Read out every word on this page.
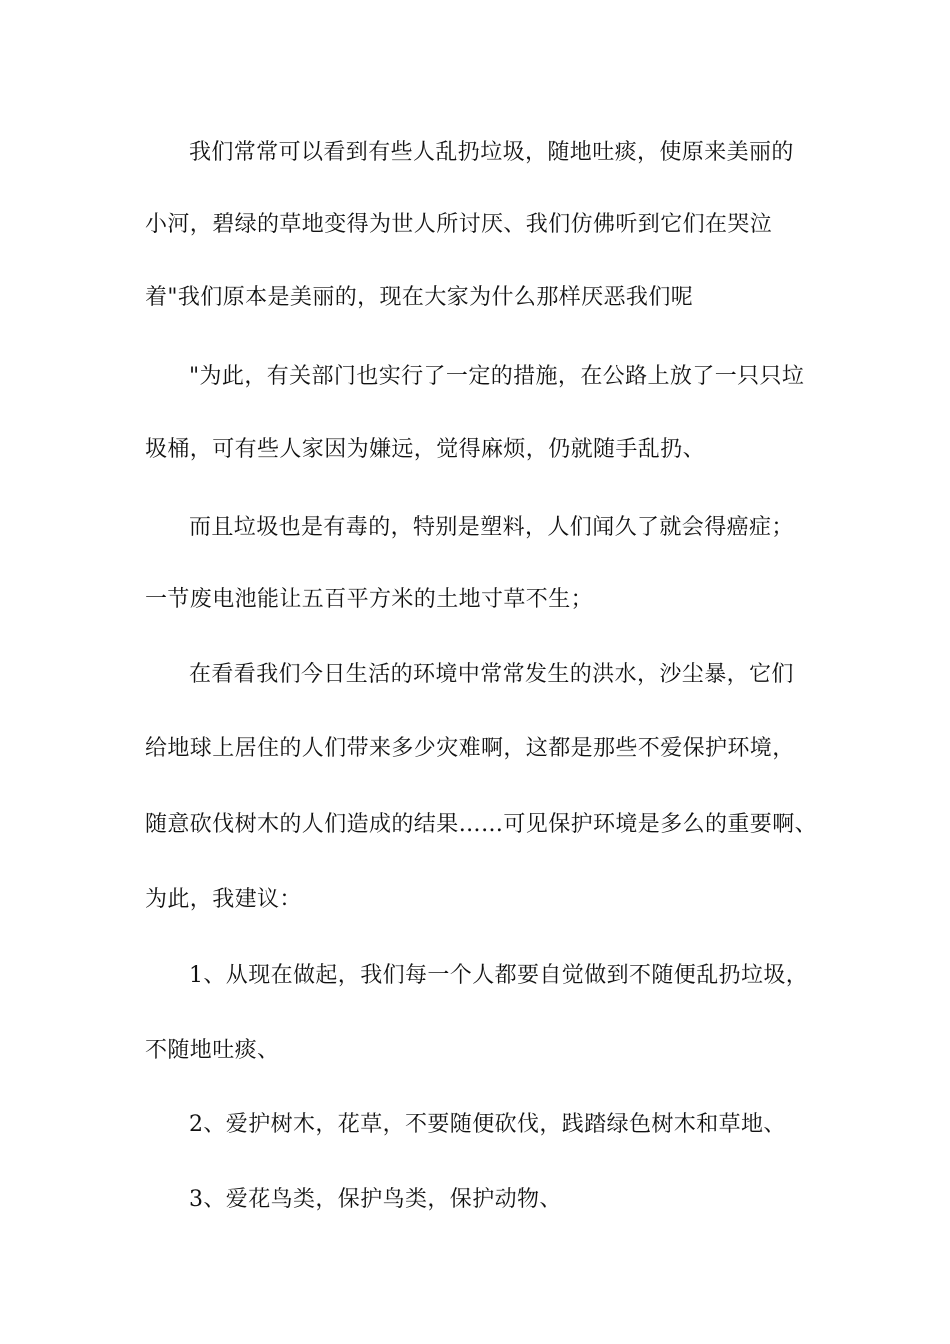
我们常常可以看到有些人乱扔垃圾，随地吐痰，使原来美丽的
小河，碧绿的草地变得为世人所讨厌、我们仿佛听到它们在哭泣
着"我们原本是美丽的，现在大家为什么那样厌恶我们呢
"为此，有关部门也实行了一定的措施，在公路上放了一只只垃
圾桶，可有些人家因为嫌远，觉得麻烦，仍就随手乱扔、
而且垃圾也是有毒的，特别是塑料，人们闻久了就会得癌症；
一节废电池能让五百平方米的土地寸草不生；
在看看我们今日生活的环境中常常发生的洪水，沙尘暴，它们
给地球上居住的人们带来多少灾难啊，这都是那些不爱保护环境，
随意砍伐树木的人们造成的结果……可见保护环境是多么的重要啊、
为此，我建议：
1、从现在做起，我们每一个人都要自觉做到不随便乱扔垃圾，
不随地吐痰、
2、爱护树木，花草，不要随便砍伐，践踏绿色树木和草地、
3、爱花鸟类，保护鸟类，保护动物、
